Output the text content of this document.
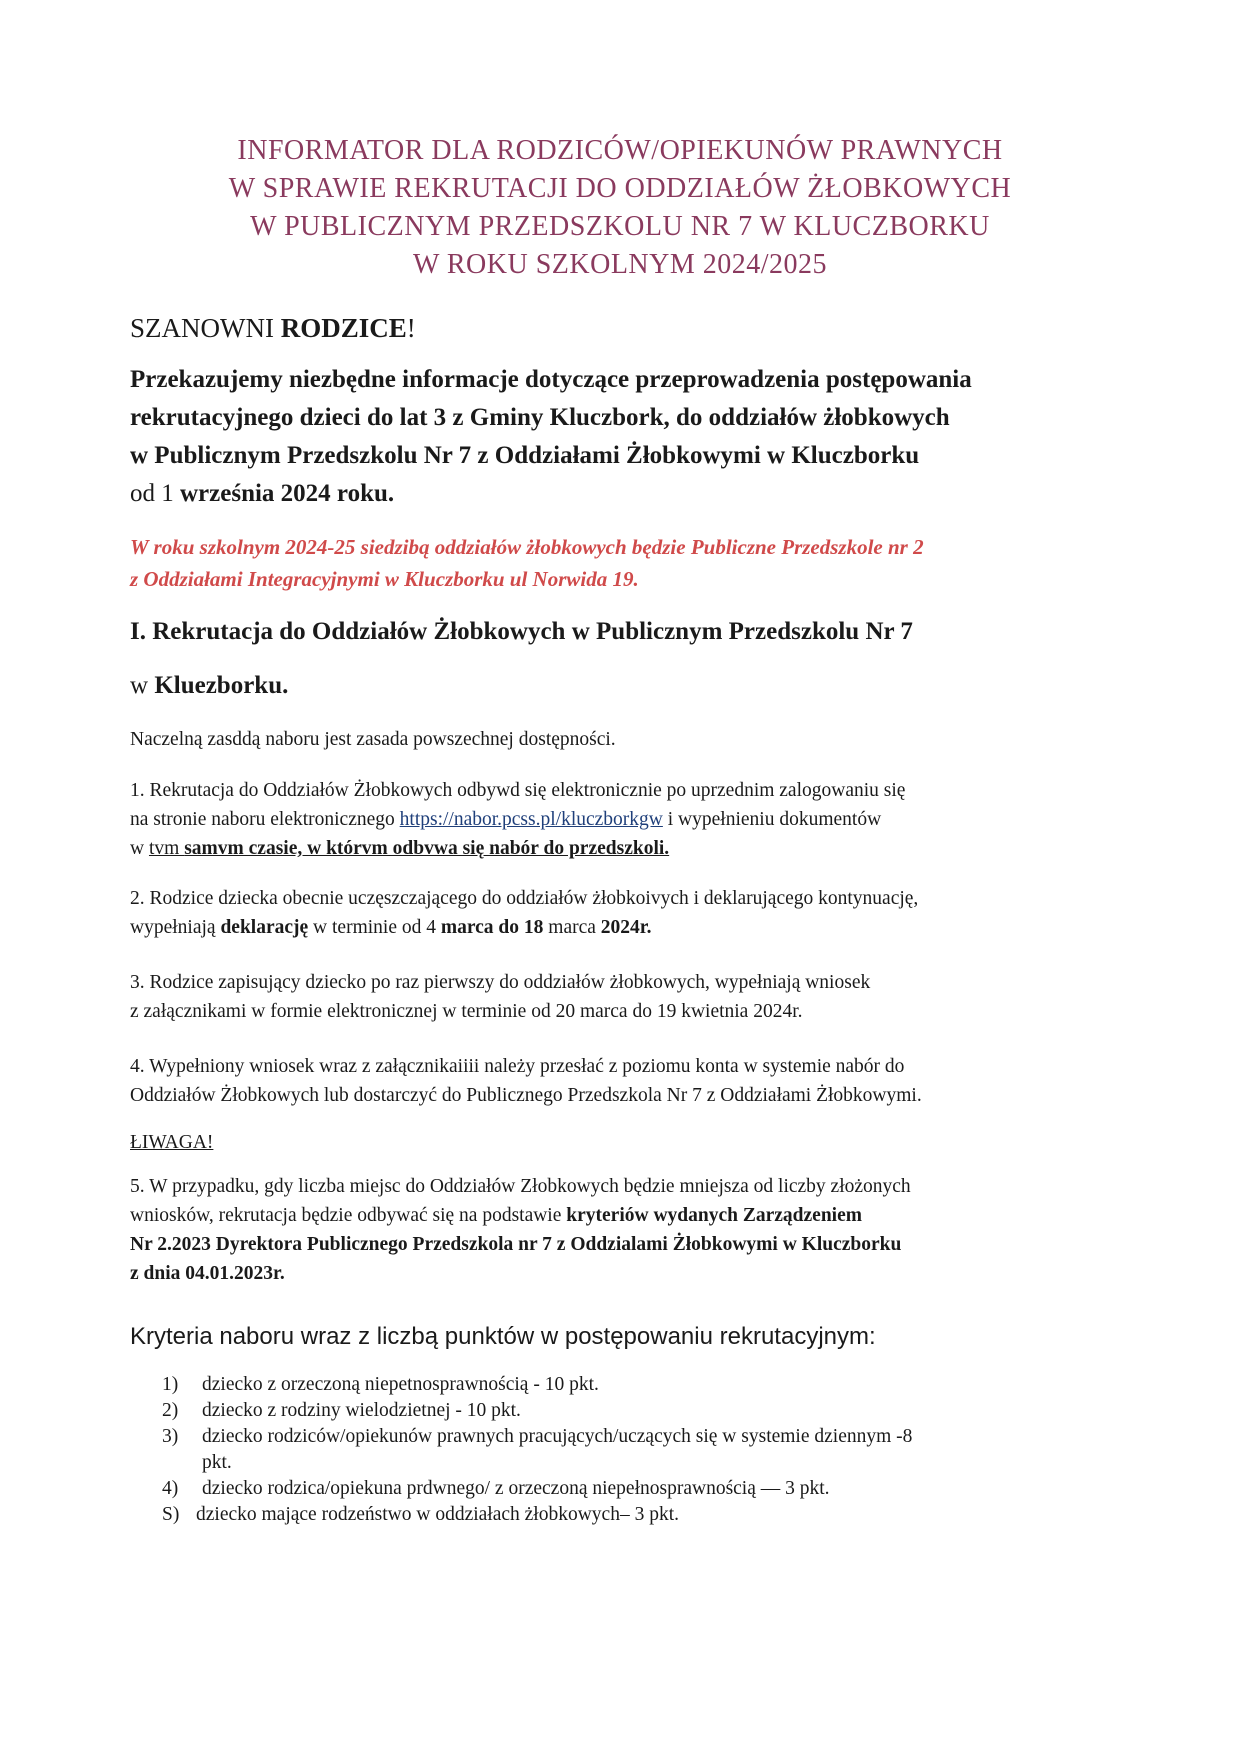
INFORMATOR DLA RODZICÓW/OPIEKUNÓW PRAWNYCH
W SPRAWIE REKRUTACJI DO ODDZIAŁÓW ŻŁOBKOWYCH
W PUBLICZNYM PRZEDSZKOLU NR 7 W KLUCZBORKU
W ROKU SZKOLNYM 2024/2025
SZANOWNI RODZICE!
Przekazujemy niezbędne informacje dotyczące przeprowadzenia postępowania
rekrutacyjnego dzieci do lat 3 z Gminy Kluczbork, do oddziałów żłobkowych
w Publicznym Przedszkolu Nr 7 z Oddziałami Żłobkowymi w Kluczborku
od 1 września 2024 roku.
W roku szkolnym 2024-25 siedzibą oddziałów żłobkowych będzie Publiczne Przedszkole nr 2
z Oddziałami Integracyjnymi w Kluczborku ul Norwida 19.
I. Rekrutacja do Oddziałów Żłobkowych w Publicznym Przedszkolu Nr 7
w Kluezborku.
Naczelną zasddą naboru jest zasada powszechnej dostępności.
1. Rekrutacja do Oddziałów Żłobkowych odbywd się elektronicznie po uprzednim zalogowaniu się
na stronie naboru elektronicznego https://nabor.pcss.pl/kluczborkgw i wypełnieniu dokumentów
w tvm samvm czasie, w którvm odbvwa się nabór do przedszkoli.
2. Rodzice dziecka obecnie uczęszczającego do oddziałów żłobkoivych i deklarującego kontynuację,
wypełniają deklarację w terminie od 4 marca do 18 marca 2024r.
3. Rodzice zapisujący dziecko po raz pierwszy do oddziałów żłobkowych, wypełniają wniosek
z załącznikami w formie elektronicznej w terminie od 20 marca do 19 kwietnia 2024r.
4. Wypełniony wniosek wraz z załącznikaiiii należy przesłać z poziomu konta w systemie nabór do
Oddziałów Żłobkowych lub dostarczyć do Publicznego Przedszkola Nr 7 z Oddziałami Żłobkowymi.
ŁIWAGA!
5. W przypadku, gdy liczba miejsc do Oddziałów Złobkowych będzie mniejsza od liczby złożonych
wniosków, rekrutacja będzie odbywać się na podstawie kryteriów wydanych Zarządzeniem
Nr 2.2023 Dyrektora Publicznego Przedszkola nr 7 z Oddzialami Żłobkowymi w Kluczborku
z dnia 04.01.2023r.
Kryteria naboru wraz z liczbą punktów w postępowaniu rekrutacyjnym:
1)	dziecko z orzeczoną niepetnosprawnością - 10 pkt.
2)	dziecko z rodziny wielodzietnej - 10 pkt.
3)	dziecko rodziców/opiekunów prawnych pracujących/uczących się w systemie dziennym -8
pkt.
4)	dziecko rodzica/opiekuna prdwnego/ z orzeczoną niepełnosprawnością — 3 pkt.
S) dziecko mające rodzeństwo w oddziałach żłobkowych– 3 pkt.
